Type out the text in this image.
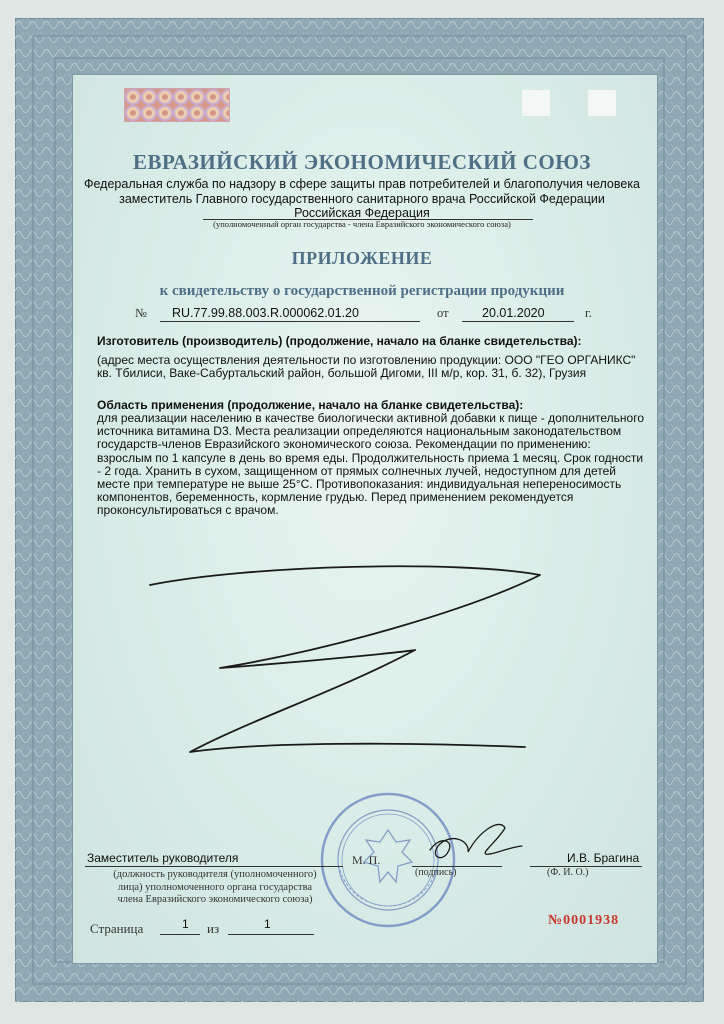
ЕВРАЗИЙСКИЙ ЭКОНОМИЧЕСКИЙ СОЮЗ
Федеральная служба по надзору в сфере защиты прав потребителей и благополучия человека
заместитель Главного государственного санитарного врача Российской Федерации
Российская Федерация
(уполномоченный орган государства - члена Евразийского экономического союза)
ПРИЛОЖЕНИЕ
к свидетельству о государственной регистрации продукции
№ RU.77.99.88.003.R.000062.01.20	от	20.01.2020	г.
Изготовитель (производитель) (продолжение, начало на бланке свидетельства):
(адрес места осуществления деятельности по изготовлению продукции: ООО "ГЕО ОРГАНИКС"
кв. Тбилиси, Ваке-Сабуртальский район, большой Дигоми, III м/р, кор. 31, б. 32), Грузия
Область применения (продолжение, начало на бланке свидетельства):
для реализации населению в качестве биологически активной добавки к пище - дополнительного
источника витамина D3. Места реализации определяются национальным законодательством
государств-членов Евразийского экономического союза. Рекомендации по применению:
взрослым по 1 капсуле в день во время еды. Продолжительность приема 1 месяц. Срок годности
- 2 года. Хранить в сухом, защищенном от прямых солнечных лучей, недоступном для детей
месте при температуре не выше 25°С. Противопоказания: индивидуальная непереносимость
компонентов, беременность, кормление грудью. Перед применением рекомендуется
проконсультироваться с врачом.
Заместитель руководителя	М. П.
(подпись)
И.В. Брагина
(Ф. И. О.)
(должность руководителя (уполномоченного)
лица) уполномоченного органа государства
члена Евразийского экономического союза)
Страница	1 из	1	№0001938
